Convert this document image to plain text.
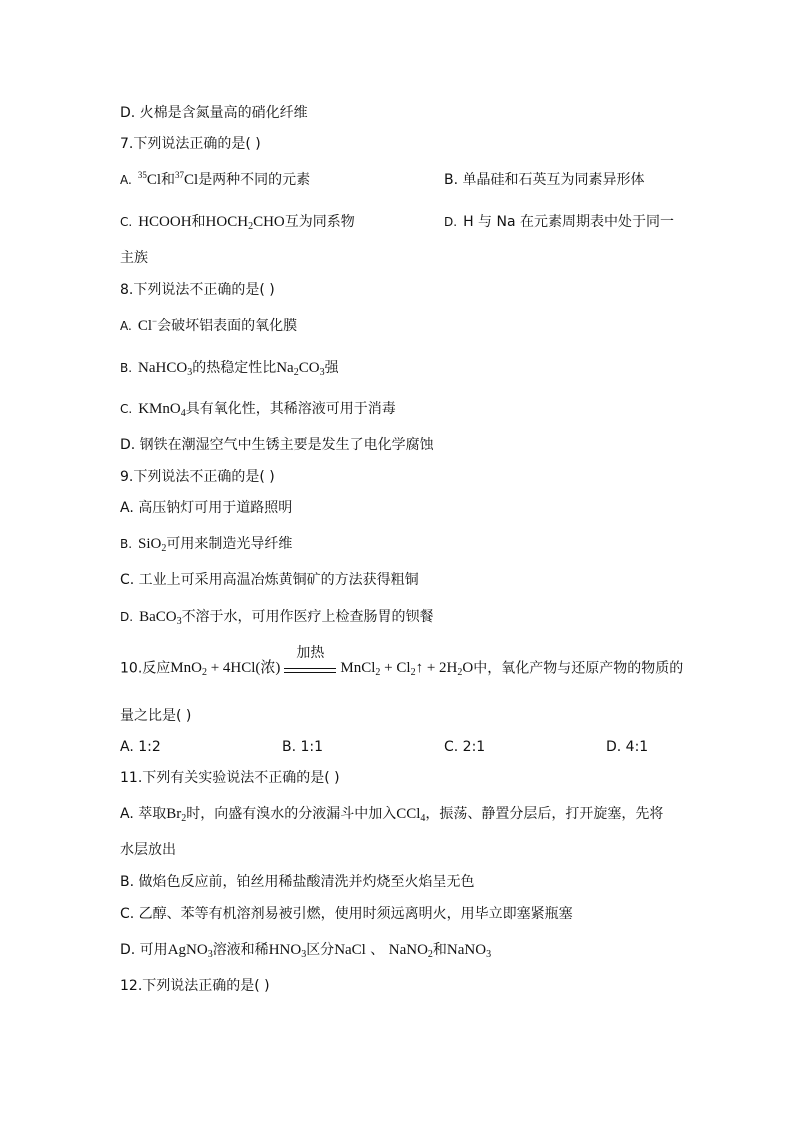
D. 火棉是含氮量高的硝化纤维
7.下列说法正确的是( )
A. $^{35}$Cl和$^{37}$Cl是两种不同的元素	B. 单晶硅和石英互为同素异形体
C. HCOOH和$HOCH_2CHO$互为同系物	D. H 与 Na 在元素周期表中处于同一
主族
8.下列说法不正确的是( )
A. Cl−会破坏铝表面的氧化膜
B. NaHCO$_3$的热稳定性比$Na_2CO_3$强
C. KMnO$_4$具有氧化性，其稀溶液可用于消毒
D. 钢铁在潮湿空气中生锈主要是发生了电化学腐蚀
9.下列说法不正确的是( )
A. 高压钠灯可用于道路照明
B. SiO$_2$可用来制造光导纤维
C. 工业上可采用高温冶炼黄铜矿的方法获得粗铜
D. BaCO$_3$不溶于水，可用作医疗上检查肠胃的钡餐
10.反应MnO$_2$ + 4HCl(浓)
加热
MnCl$_2$ + $Cl_2↑ + 2H_2O$中，氧化产物与还原产物的物质的
量之比是( )
A. 1:2	B. 1:1	C. 2:1	D. 4:1
11.下列有关实验说法不正确的是( )
A. 萃取$Br_2$时，向盛有溴水的分液漏斗中加入CCl$_4$，振荡、静置分层后，打开旋塞，先将
水层放出
B. 做焰色反应前，铂丝用稀盐酸清洗并灼烧至火焰呈无色
C. 乙醇、苯等有机溶剂易被引燃，使用时须远离明火，用毕立即塞紧瓶塞
D. 可用AgNO$_3$溶液和稀$HNO_3$区分NaCl 、 NaNO$_2$和NaNO$_3$
12.下列说法正确的是( )
